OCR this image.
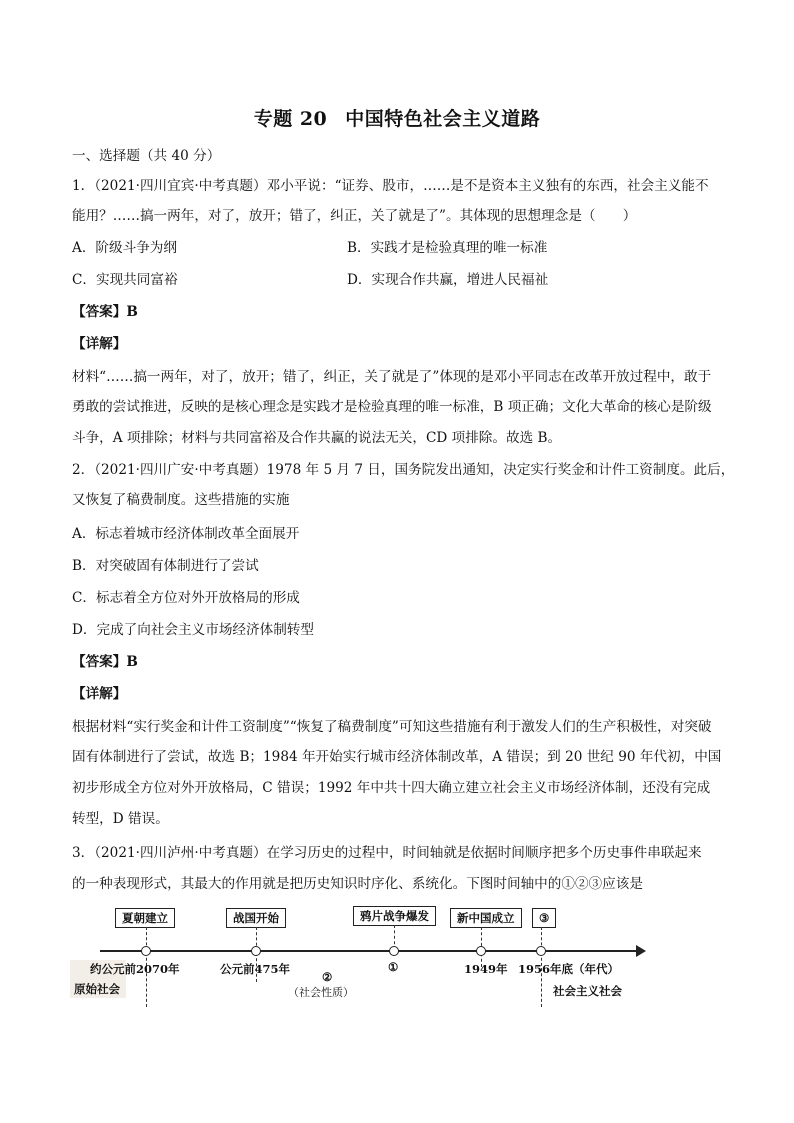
专题 20 中国特色社会主义道路
一、选择题（共 40 分）
1．（2021·四川宜宾·中考真题）邓小平说：“证券、股市，……是不是资本主义独有的东西，社会主义能不
能用？……搞一两年，对了，放开；错了，纠正，关了就是了”。其体现的思想理念是（　　）
A．阶级斗争为纲	B．实践才是检验真理的唯一标准
C．实现共同富裕	D．实现合作共赢，增进人民福祉
【答案】B
【详解】
材料“……搞一两年，对了，放开；错了，纠正，关了就是了”体现的是邓小平同志在改革开放过程中，敢于
勇敢的尝试推进，反映的是核心理念是实践才是检验真理的唯一标准，B 项正确；文化大革命的核心是阶级
斗争，A 项排除；材料与共同富裕及合作共赢的说法无关，CD 项排除。故选 B。
2．（2021·四川广安·中考真题）1978 年 5 月 7 日，国务院发出通知，决定实行奖金和计件工资制度。此后，
又恢复了稿费制度。这些措施的实施
A．标志着城市经济体制改革全面展开
B．对突破固有体制进行了尝试
C．标志着全方位对外开放格局的形成
D．完成了向社会主义市场经济体制转型
【答案】B
【详解】
根据材料“实行奖金和计件工资制度”“恢复了稿费制度”可知这些措施有利于激发人们的生产积极性，对突破
固有体制进行了尝试，故选 B；1984 年开始实行城市经济体制改革，A 错误；到 20 世纪 90 年代初，中国
初步形成全方位对外开放格局，C 错误；1992 年中共十四大确立建立社会主义市场经济体制，还没有完成
转型，D 错误。
3．（2021·四川泸州·中考真题）在学习历史的过程中，时间轴就是依据时间顺序把多个历史事件串联起来
的一种表现形式，其最大的作用就是把历史知识时序化、系统化。下图时间轴中的①②③应该是
夏朝建立
约公元前2070年
战国开始
公元前475年
鸦片战争爆发
①
新中国成立
1949年
③
1956年底（年代）
原始社会
②
（社会性质）	社会主义社会
